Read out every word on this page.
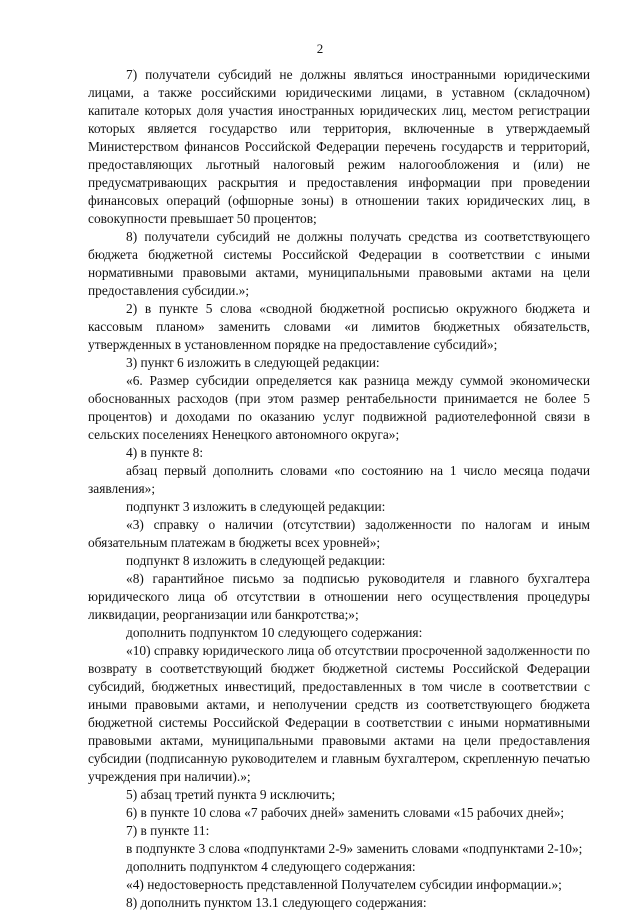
2

7) получатели субсидий не должны являться иностранными юридическими лицами, а также российскими юридическими лицами, в уставном (складочном) капитале которых доля участия иностранных юридических лиц, местом регистрации которых является государство или территория, включенные в утверждаемый Министерством финансов Российской Федерации перечень государств и территорий, предоставляющих льготный налоговый режим налогообложения и (или) не предусматривающих раскрытия и предоставления информации при проведении финансовых операций (офшорные зоны) в отношении таких юридических лиц, в совокупности превышает 50 процентов;

8) получатели субсидий не должны получать средства из соответствующего бюджета бюджетной системы Российской Федерации в соответствии с иными нормативными правовыми актами, муниципальными правовыми актами на цели предоставления субсидии.»;

2) в пункте 5 слова «сводной бюджетной росписью окружного бюджета и кассовым планом» заменить словами «и лимитов бюджетных обязательств, утвержденных в установленном порядке на предоставление субсидий»;

3) пункт 6 изложить в следующей редакции:

«6. Размер субсидии определяется как разница между суммой экономически обоснованных расходов (при этом размер рентабельности принимается не более 5 процентов) и доходами по оказанию услуг подвижной радиотелефонной связи в сельских поселениях Ненецкого автономного округа»;

4) в пункте 8:

абзац первый дополнить словами «по состоянию на 1 число месяца подачи заявления»;

подпункт 3 изложить в следующей редакции:

«3) справку о наличии (отсутствии) задолженности по налогам и иным обязательным платежам в бюджеты всех уровней»;

подпункт 8 изложить в следующей редакции:

«8) гарантийное письмо за подписью руководителя и главного бухгалтера юридического лица об отсутствии в отношении него осуществления процедуры ликвидации, реорганизации или банкротства;»;

дополнить подпунктом 10 следующего содержания:

«10) справку юридического лица об отсутствии просроченной задолженности по возврату в соответствующий бюджет бюджетной системы Российской Федерации субсидий, бюджетных инвестиций, предоставленных в том числе в соответствии с иными правовыми актами, и неполучении средств из соответствующего бюджета бюджетной системы Российской Федерации в соответствии с иными нормативными правовыми актами, муниципальными правовыми актами на цели предоставления субсидии (подписанную руководителем и главным бухгалтером, скрепленную печатью учреждения при наличии).»;

5) абзац третий пункта 9 исключить;

6) в пункте 10 слова «7 рабочих дней» заменить словами «15 рабочих дней»;

7) в пункте 11:

в подпункте 3 слова «подпунктами 2-9» заменить словами «подпунктами 2-10»;

дополнить подпунктом 4 следующего содержания:

«4) недостоверность представленной Получателем субсидии информации.»;

8) дополнить пунктом 13.1 следующего содержания:
